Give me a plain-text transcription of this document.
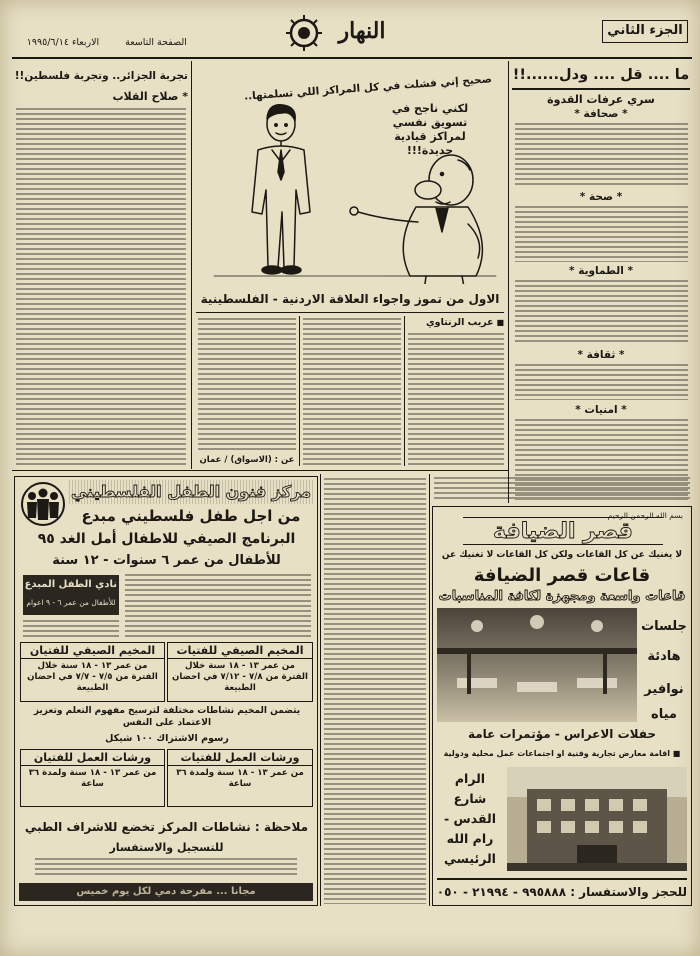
الجزء الثاني
النهار
الاربعاء ١٩٩٥/٦/١٤	الصفحة التاسعة
ما .... قل .... ودل......!!
سري عرفات القدوة
* صحافة *
* صحة *
* الطماوية *
* ثقافة *
* امنيات *
تجربة الجزائر.. وتجربة فلسطين!!
* صلاح القلاب	صحيح إني فشلت في كل المراكز اللي تسلمتها..
لكني ناجح في
تسويق نفسي
لمراكز قيادية
جديدة!!!
الاول من تموز واجواء العلاقة الاردنية - الفلسطينية
■ عريب الرنتاوي
عن : (الاسواق) / عمان
مركز فنون الطفل الفلسطيني
من اجل طفل فلسطيني مبدع
البرنامج الصيفي للاطفال أمل الغد ٩٥
للأطفال من عمر ٦ سنوات - ١٢ سنة
نادي الطفل المبدع
للأطفال من عمر ٦ - ٩ اعوام
المخيم الصيفي للفتيات
من عمر ١٣ - ١٨ سنة خلال الفترة من ٧/٨ - ٧/١٢ في احضان الطبيعة
المخيم الصيفي للفتيان
من عمر ١٣ - ١٨ سنة خلال الفترة من ٧/٥ - ٧/٧ في احضان الطبيعة
يتضمن المخيم نشاطات مختلفة لترسيخ مفهوم التعلم وتعزيز الاعتماد على النفس
رسوم الاشتراك ١٠٠ شيكل
ورشات العمل للفتيات
من عمر ١٣ - ١٨ سنة ولمدة ٣٦ ساعة
ورشات العمل للفتيان
من عمر ١٣ - ١٨ سنة ولمدة ٣٦ ساعة
ملاحظة : نشاطات المركز تخضع للاشراف الطبي
للتسجيل والاستفسار
مجانا ... مفرحة دمي لكل يوم خميس
بسم الله الرحمن الرحيم
قصر الضيافة
لا يغنيك عن كل القاعات ولكن كل القاعات لا تغنيك عن
قاعات قصر الضيافة
قاعات واسعة ومجهزة لكافة المناسبات
جلسات
هادئة
نوافير
مياه
حفلات الاعراس - مؤتمرات عامة
■ اقامة معارض تجارية وفنية او اجتماعات عمل محلية ودولية
الرام
شارع
القدس -
رام الله
الرئيسي
للحجز والاستفسار : ٩٩٥٨٨٨ - ٢١٩٩٤ - ٠٥٠
